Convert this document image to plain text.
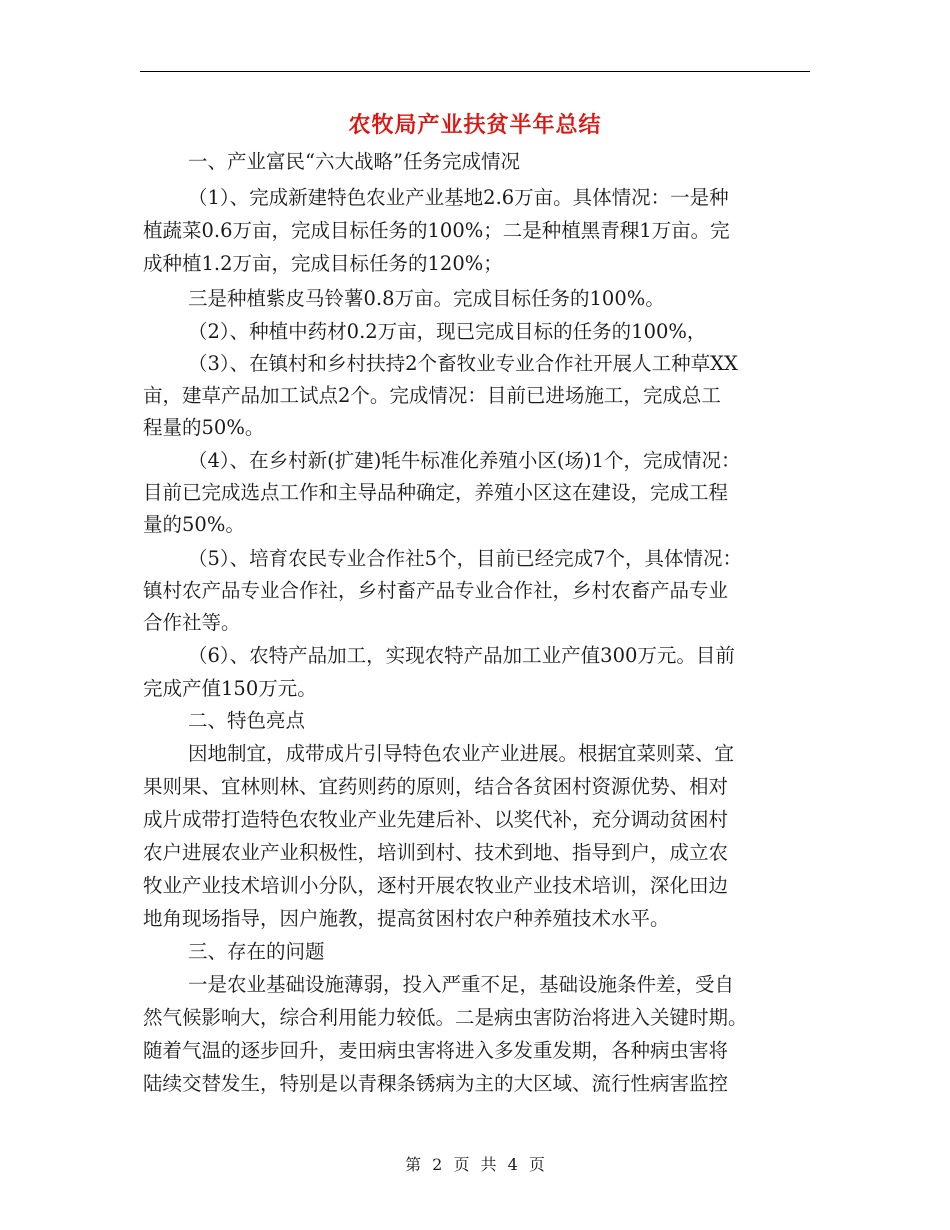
农牧局产业扶贫半年总结
一、产业富民“六大战略”任务完成情况
（1）、完成新建特色农业产业基地2.6万亩。具体情况：一是种
植蔬菜0.6万亩，完成目标任务的100%；二是种植黑青稞1万亩。完
成种植1.2万亩，完成目标任务的120%；
三是种植紫皮马铃薯0.8万亩。完成目标任务的100%。
（2）、种植中药材0.2万亩，现已完成目标的任务的100%，
（3）、在镇村和乡村扶持2个畜牧业专业合作社开展人工种草XX
亩，建草产品加工试点2个。完成情况：目前已进场施工，完成总工
程量的50%。
（4）、在乡村新(扩建)牦牛标准化养殖小区(场)1个，完成情况：
目前已完成选点工作和主导品种确定，养殖小区这在建设，完成工程
量的50%。
（5）、培育农民专业合作社5个，目前已经完成7个，具体情况：
镇村农产品专业合作社，乡村畜产品专业合作社，乡村农畜产品专业
合作社等。
（6）、农特产品加工，实现农特产品加工业产值300万元。目前
完成产值150万元。
二、特色亮点
因地制宜，成带成片引导特色农业产业进展。根据宜菜则菜、宜
果则果、宜林则林、宜药则药的原则，结合各贫困村资源优势、相对
成片成带打造特色农牧业产业先建后补、以奖代补，充分调动贫困村
农户进展农业产业积极性，培训到村、技术到地、指导到户，成立农
牧业产业技术培训小分队，逐村开展农牧业产业技术培训，深化田边
地角现场指导，因户施教，提高贫困村农户种养殖技术水平。
三、存在的问题
一是农业基础设施薄弱，投入严重不足，基础设施条件差，受自
然气候影响大，综合利用能力较低。二是病虫害防治将进入关键时期。
随着气温的逐步回升，麦田病虫害将进入多发重发期，各种病虫害将
陆续交替发生，特别是以青稞条锈病为主的大区域、流行性病害监控
第 2 页 共 4 页
